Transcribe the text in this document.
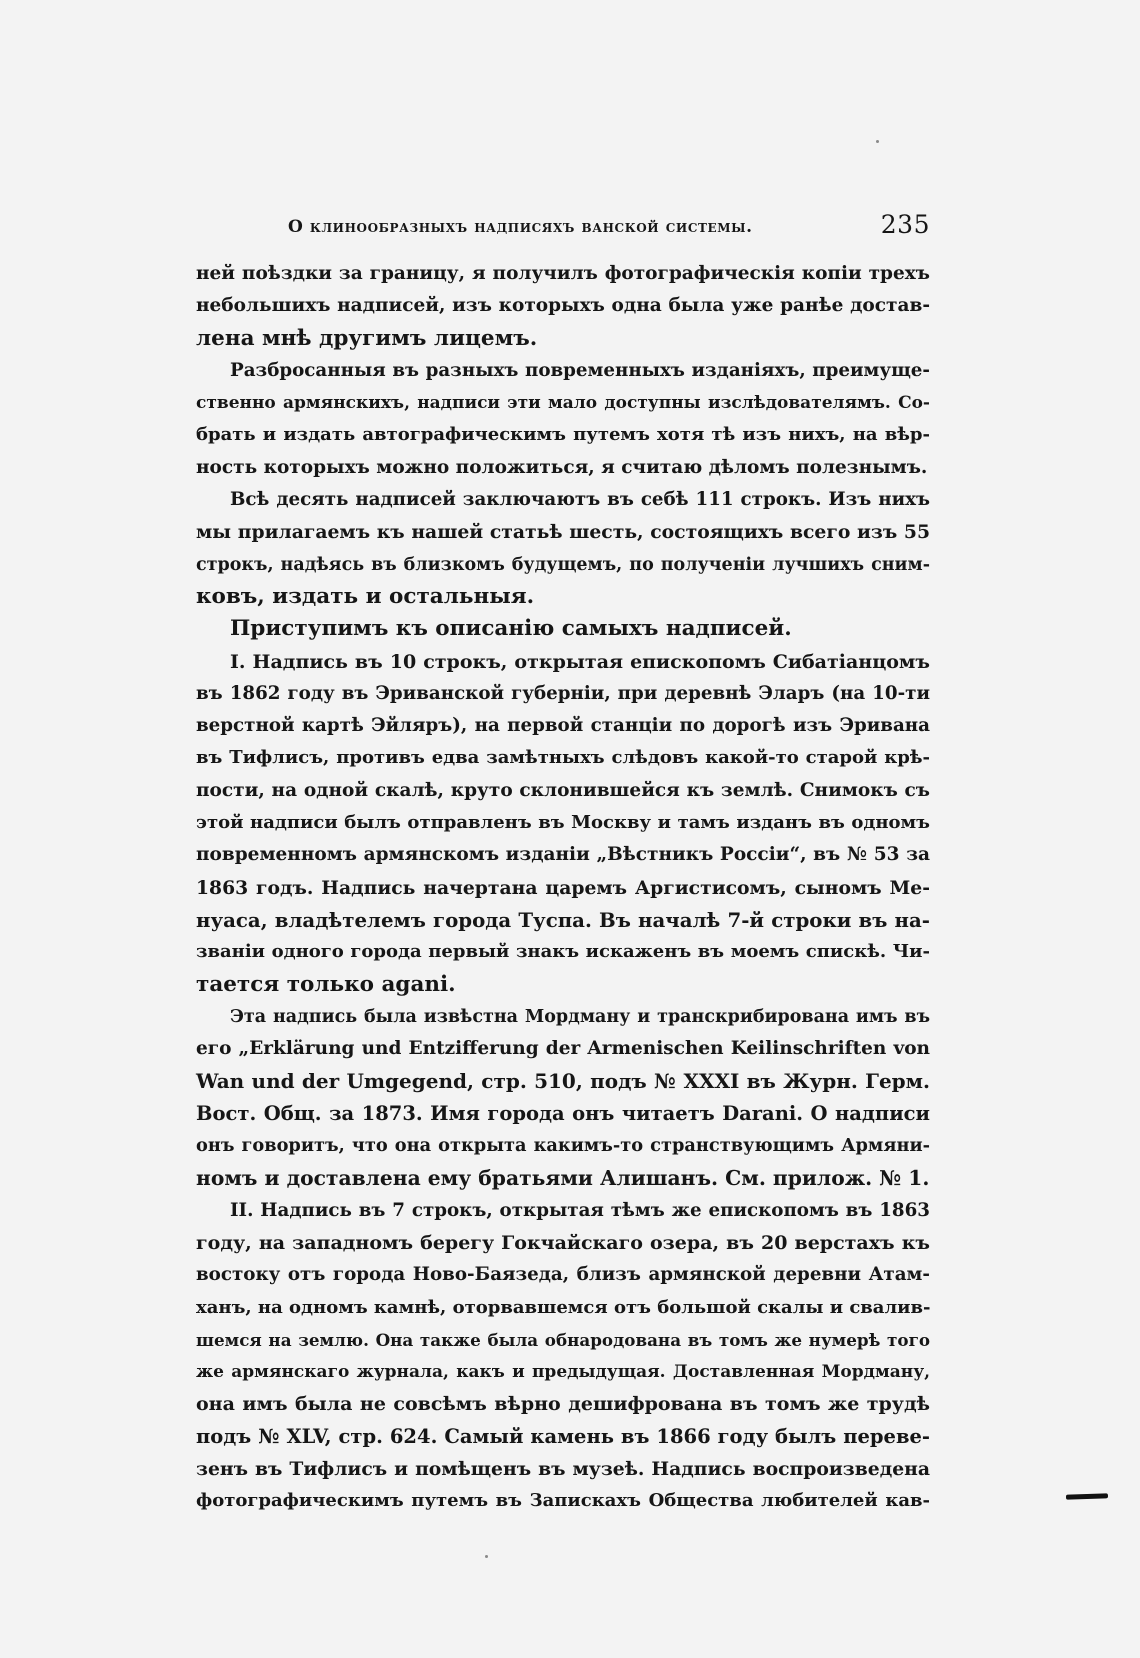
О клинообразныхъ надписяхъ ванской системы.	235
ней поѣздки за границу, я получилъ фотографическія копіи трехъ
небольшихъ надписей, изъ которыхъ одна была уже ранѣе достав-
лена мнѣ другимъ лицемъ.
Разбросанныя въ разныхъ повременныхъ изданіяхъ, преимуще-
ственно армянскихъ, надписи эти мало доступны изслѣдователямъ. Со-
брать и издать автографическимъ путемъ хотя тѣ изъ нихъ, на вѣр-
ность которыхъ можно положиться, я считаю дѣломъ полезнымъ.
Всѣ десять надписей заключаютъ въ себѣ 111 строкъ. Изъ нихъ
мы прилагаемъ къ нашей статьѣ шесть, состоящихъ всего изъ 55
строкъ, надѣясь въ близкомъ будущемъ, по полученіи лучшихъ сним-
ковъ, издать и остальныя.
Приступимъ къ описанію самыхъ надписей.
I. Надпись въ 10 строкъ, открытая епископомъ Сибатіанцомъ
въ 1862 году въ Эриванской губерніи, при деревнѣ Эларъ (на 10-ти
верстной картѣ Эйляръ), на первой станціи по дорогѣ изъ Эривана
въ Тифлисъ, противъ едва замѣтныхъ слѣдовъ какой-то старой крѣ-
пости, на одной скалѣ, круто склонившейся къ землѣ. Снимокъ съ
этой надписи былъ отправленъ въ Москву и тамъ изданъ въ одномъ
повременномъ армянскомъ изданіи „Вѣстникъ Россіи“, въ № 53 за
1863 годъ. Надпись начертана царемъ Аргистисомъ, сыномъ Ме-
нуаса, владѣтелемъ города Туспа. Въ началѣ 7-й строки въ на-
званіи одного города первый знакъ искаженъ въ моемъ спискѣ. Чи-
тается только agani.
Эта надпись была извѣстна Мордману и транскрибирована имъ въ
его „Erklärung und Entzifferung der Armenischen Keilinschriften von
Wan und der Umgegend, стр. 510, подъ № XXXI въ Журн. Герм.
Вост. Общ. за 1873. Имя города онъ читаетъ Darani. О надписи
онъ говоритъ, что она открыта какимъ-то странствующимъ Армяни-
номъ и доставлена ему братьями Алишанъ. См. прилож. № 1.
II. Надпись въ 7 строкъ, открытая тѣмъ же епископомъ въ 1863
году, на западномъ берегу Гокчайскаго озера, въ 20 верстахъ къ
востоку отъ города Ново-Баязеда, близъ армянской деревни Атам-
ханъ, на одномъ камнѣ, оторвавшемся отъ большой скалы и свалив-
шемся на землю. Она также была обнародована въ томъ же нумерѣ того
же армянскаго журнала, какъ и предыдущая. Доставленная Мордману,
она имъ была не совсѣмъ вѣрно дешифрована въ томъ же трудѣ
подъ № XLV, стр. 624. Самый камень въ 1866 году былъ переве-
зенъ въ Тифлисъ и помѣщенъ въ музеѣ. Надпись воспроизведена
фотографическимъ путемъ въ Запискахъ Общества любителей кав-
